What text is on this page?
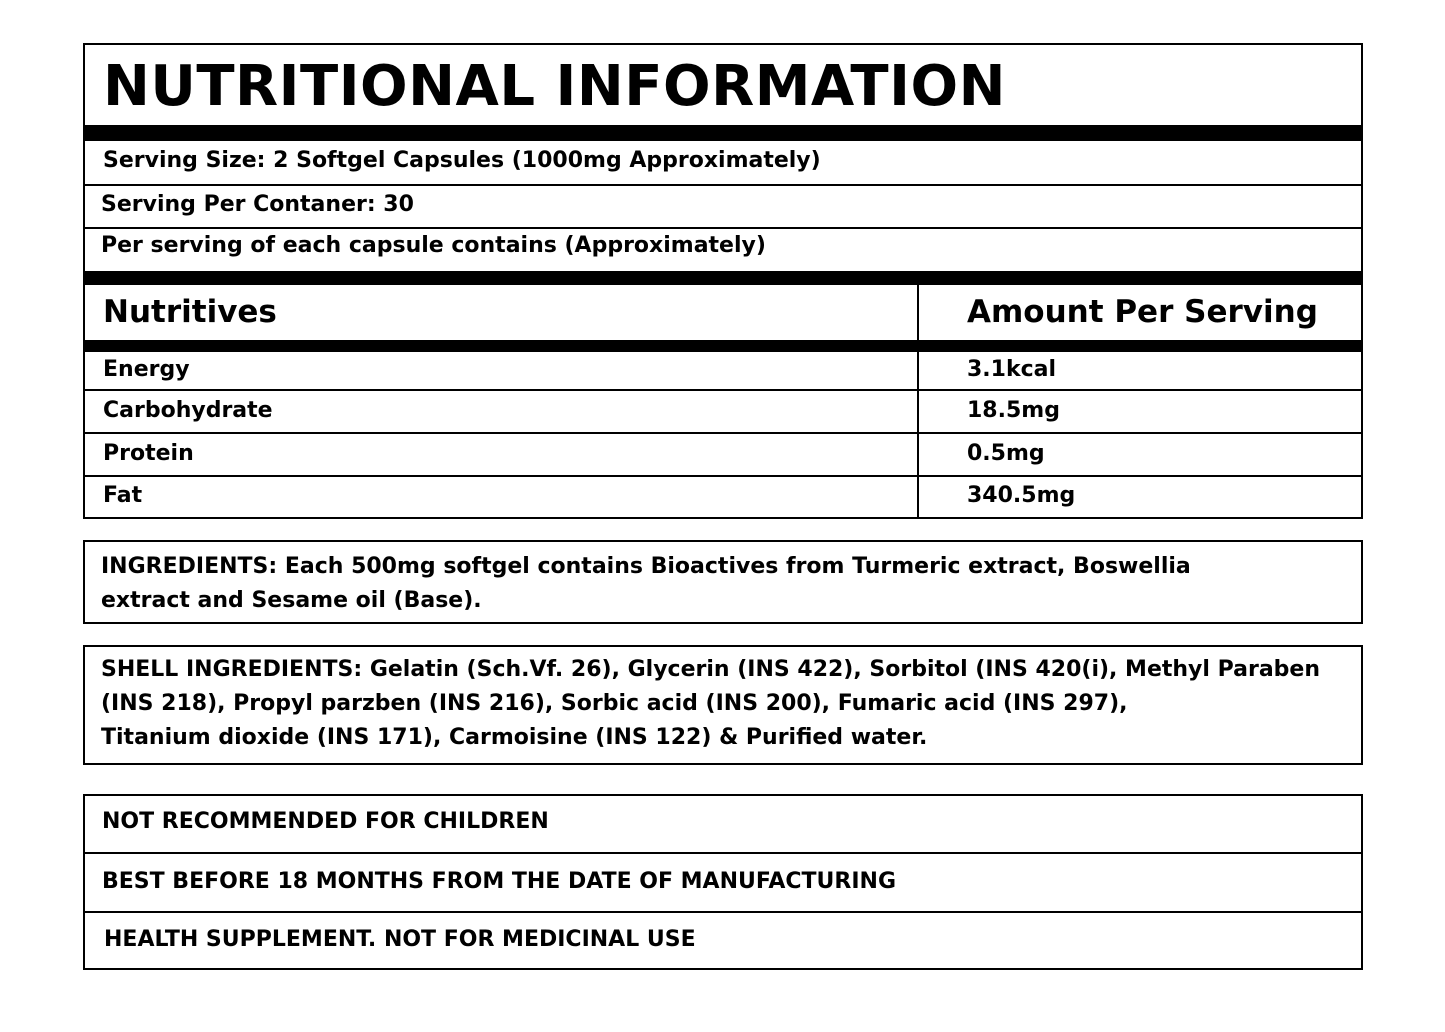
NUTRITIONAL INFORMATION
Serving Size: 2 Softgel Capsules (1000mg Approximately)
Serving Per Contaner: 30
Per serving of each capsule contains (Approximately)
Nutritives	Amount Per Serving
Energy	3.1kcal
Carbohydrate	18.5mg
Protein	0.5mg
Fat	340.5mg
INGREDIENTS: Each 500mg softgel contains Bioactives from Turmeric extract, Boswellia
extract and Sesame oil (Base).
SHELL INGREDIENTS: Gelatin (Sch.Vf. 26), Glycerin (INS 422), Sorbitol (INS 420(i), Methyl Paraben
(INS 218), Propyl parzben (INS 216), Sorbic acid (INS 200), Fumaric acid (INS 297),
Titanium dioxide (INS 171), Carmoisine (INS 122) & Purified water.
NOT RECOMMENDED FOR CHILDREN
BEST BEFORE 18 MONTHS FROM THE DATE OF MANUFACTURING
HEALTH SUPPLEMENT. NOT FOR MEDICINAL USE
